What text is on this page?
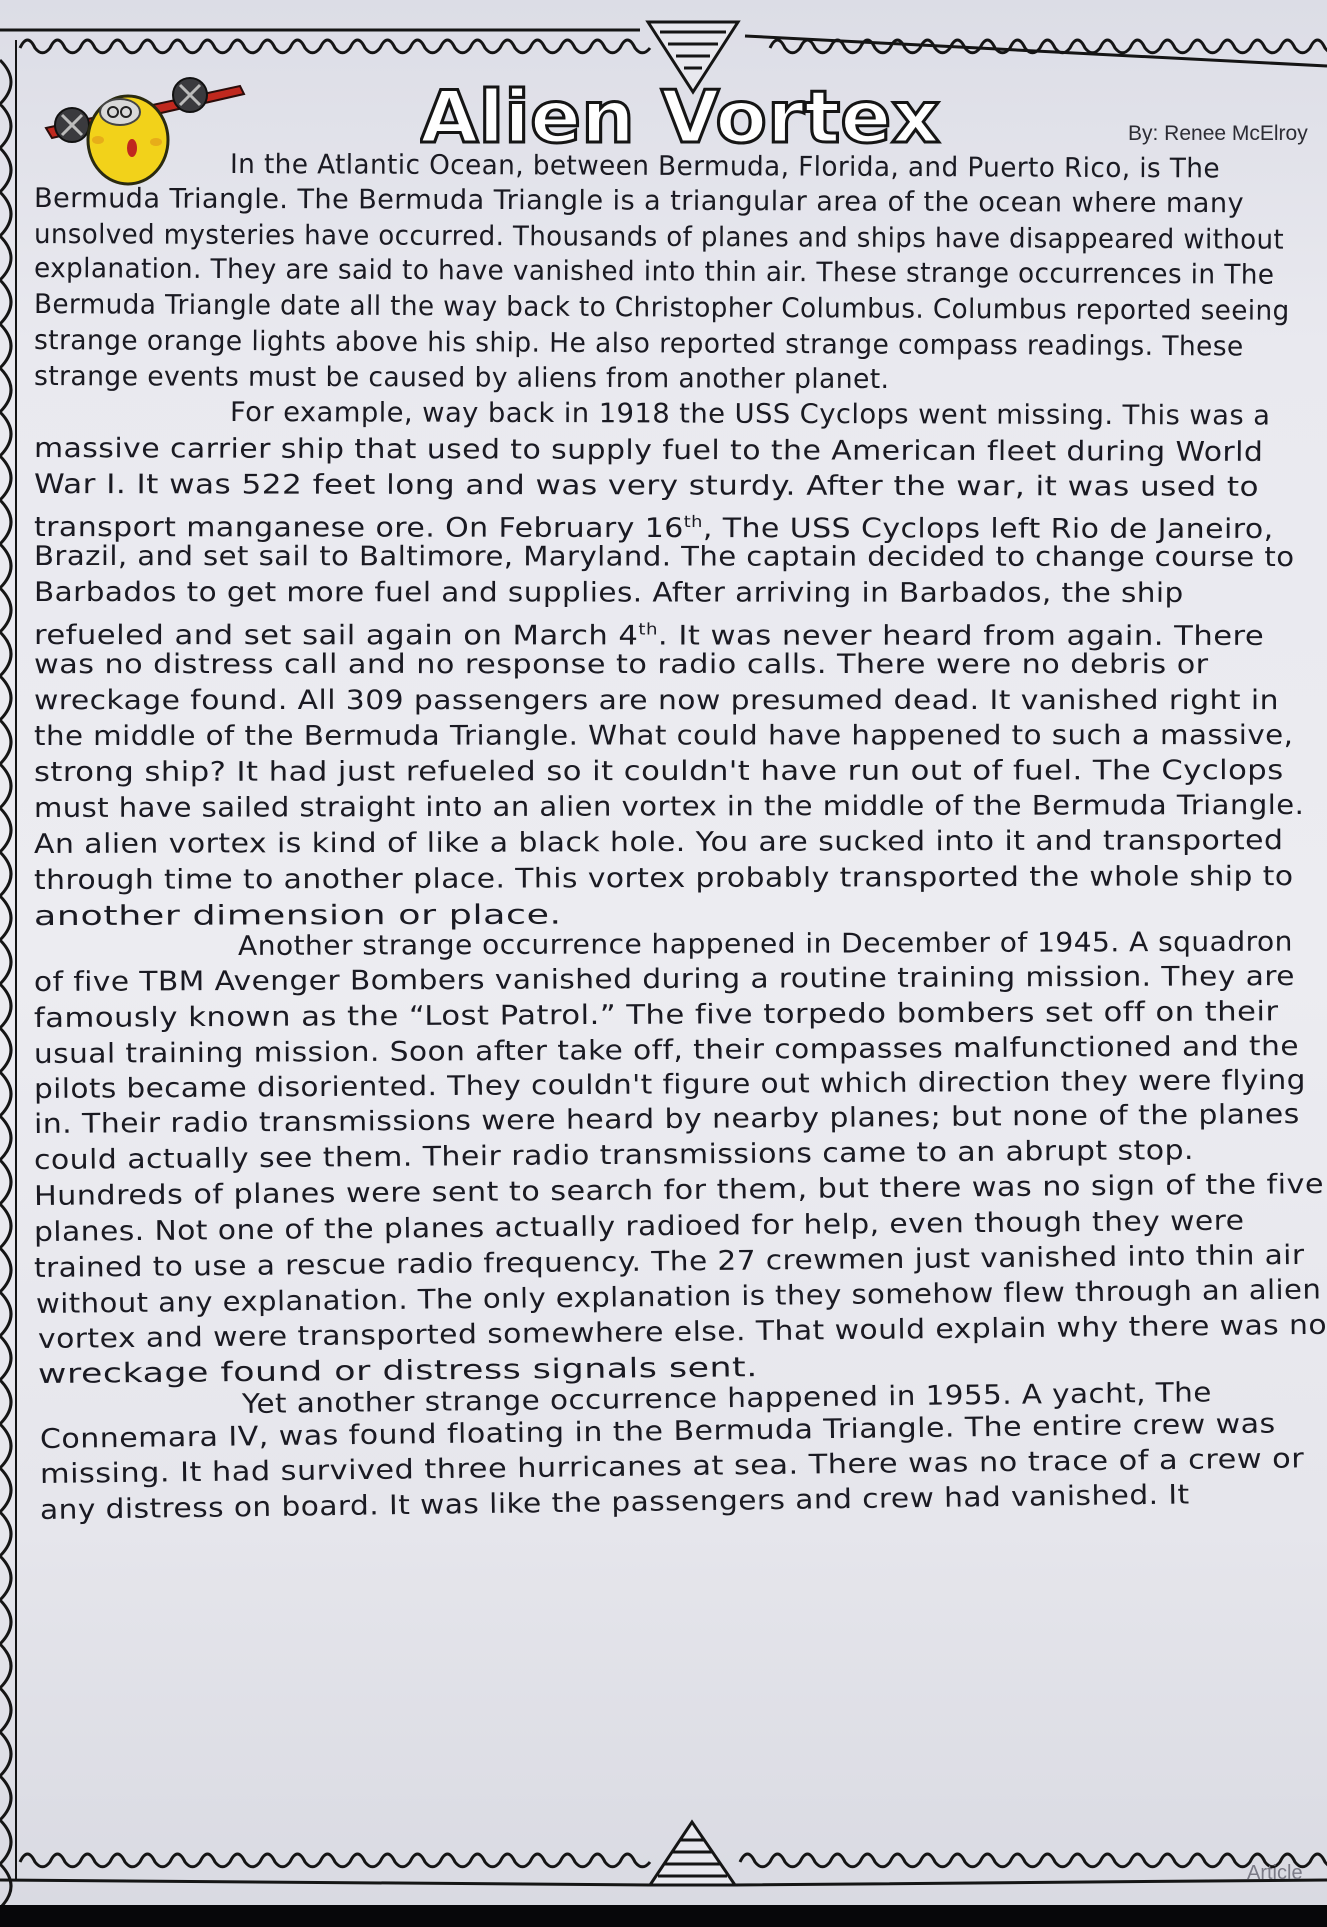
Alien Vortex	By: Renee McElroy
In the Atlantic Ocean, between Bermuda, Florida, and Puerto Rico, is The
Bermuda Triangle. The Bermuda Triangle is a triangular area of the ocean where many
unsolved mysteries have occurred. Thousands of planes and ships have disappeared without
explanation. They are said to have vanished into thin air. These strange occurrences in The
Bermuda Triangle date all the way back to Christopher Columbus. Columbus reported seeing
strange orange lights above his ship. He also reported strange compass readings. These
strange events must be caused by aliens from another planet.
For example, way back in 1918 the USS Cyclops went missing. This was a
massive carrier ship that used to supply fuel to the American fleet during World
War I. It was 522 feet long and was very sturdy. After the war, it was used to
transport manganese ore. On February 16th, The USS Cyclops left Rio de Janeiro,
Brazil, and set sail to Baltimore, Maryland. The captain decided to change course to
Barbados to get more fuel and supplies. After arriving in Barbados, the ship
refueled and set sail again on March 4th. It was never heard from again. There
was no distress call and no response to radio calls. There were no debris or
wreckage found. All 309 passengers are now presumed dead. It vanished right in
the middle of the Bermuda Triangle. What could have happened to such a massive,
strong ship? It had just refueled so it couldn't have run out of fuel. The Cyclops
must have sailed straight into an alien vortex in the middle of the Bermuda Triangle.
An alien vortex is kind of like a black hole. You are sucked into it and transported
through time to another place. This vortex probably transported the whole ship to
another dimension or place.
Another strange occurrence happened in December of 1945. A squadron
of five TBM Avenger Bombers vanished during a routine training mission. They are
famously known as the “Lost Patrol.” The five torpedo bombers set off on their
usual training mission. Soon after take off, their compasses malfunctioned and the
pilots became disoriented. They couldn't figure out which direction they were flying
in. Their radio transmissions were heard by nearby planes; but none of the planes
could actually see them. Their radio transmissions came to an abrupt stop.
Hundreds of planes were sent to search for them, but there was no sign of the five
planes. Not one of the planes actually radioed for help, even though they were
trained to use a rescue radio frequency. The 27 crewmen just vanished into thin air
without any explanation. The only explanation is they somehow flew through an alien
vortex and were transported somewhere else. That would explain why there was no
wreckage found or distress signals sent.
Yet another strange occurrence happened in 1955. A yacht, The
Connemara IV, was found floating in the Bermuda Triangle. The entire crew was
missing. It had survived three hurricanes at sea. There was no trace of a crew or
any distress on board. It was like the passengers and crew had vanished. It
Article
